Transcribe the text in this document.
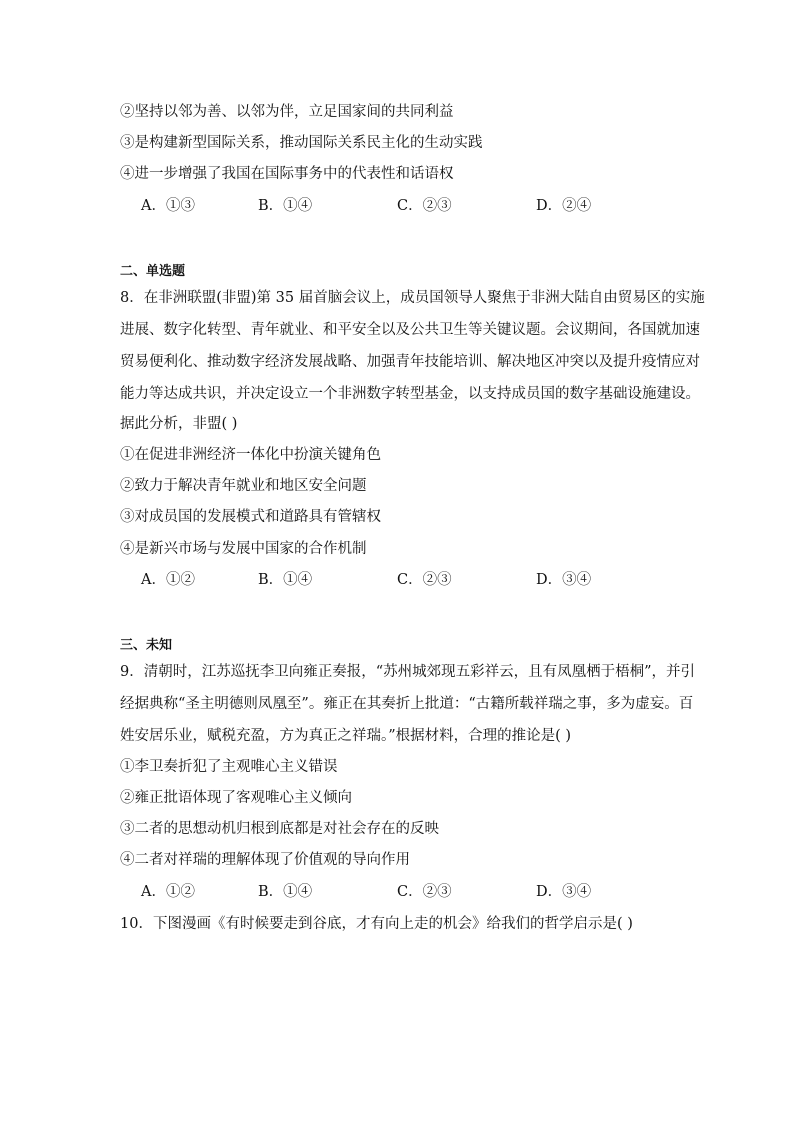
②坚持以邻为善、以邻为伴，立足国家间的共同利益
③是构建新型国际关系，推动国际关系民主化的生动实践
④进一步增强了我国在国际事务中的代表性和话语权
A．①③	B．①④	C．②③	D．②④
二、单选题
8．在非洲联盟(非盟)第 35 届首脑会议上，成员国领导人聚焦于非洲大陆自由贸易区的实施
进展、数字化转型、青年就业、和平安全以及公共卫生等关键议题。会议期间，各国就加速
贸易便利化、推动数字经济发展战略、加强青年技能培训、解决地区冲突以及提升疫情应对
能力等达成共识，并决定设立一个非洲数字转型基金，以支持成员国的数字基础设施建设。
据此分析，非盟( )
①在促进非洲经济一体化中扮演关键角色
②致力于解决青年就业和地区安全问题
③对成员国的发展模式和道路具有管辖权
④是新兴市场与发展中国家的合作机制
A．①②	B．①④	C．②③	D．③④
三、未知
9．清朝时，江苏巡抚李卫向雍正奏报，“苏州城郊现五彩祥云，且有凤凰栖于梧桐”，并引
经据典称“圣主明德则凤凰至”。雍正在其奏折上批道：“古籍所载祥瑞之事，多为虚妄。百
姓安居乐业，赋税充盈，方为真正之祥瑞。”根据材料，合理的推论是( )
①李卫奏折犯了主观唯心主义错误
②雍正批语体现了客观唯心主义倾向
③二者的思想动机归根到底都是对社会存在的反映
④二者对祥瑞的理解体现了价值观的导向作用
A．①②	B．①④	C．②③	D．③④
10．下图漫画《有时候要走到谷底，才有向上走的机会》给我们的哲学启示是( )
